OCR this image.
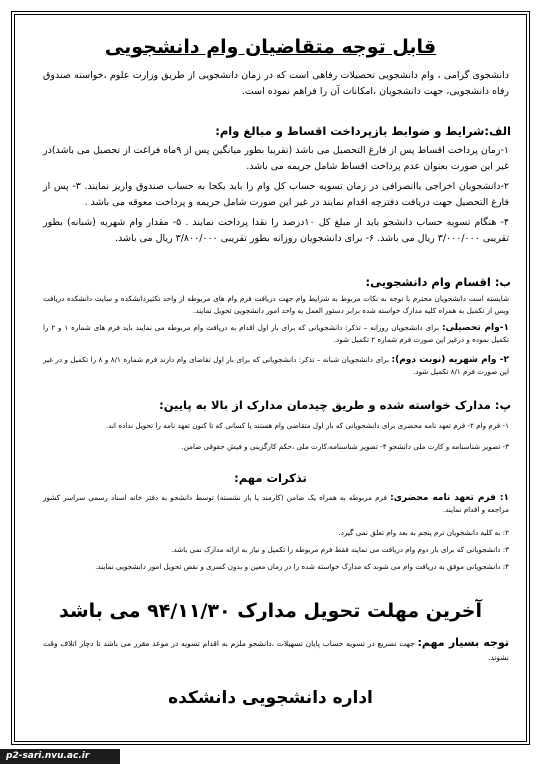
قابل توجه متقاضیان وام دانشجویی
دانشجوی گرامی ، وام دانشجویی تحصیلات رفاهی است که در زمان دانشجویی از طریق وزارت علوم ،خواسته صندوق رفاه دانشجویی، جهت دانشجویان ،امکانات آن را فراهم نموده است.
الف:شرایط و ضوابط بازپرداخت اقساط و مبالغ وام:
۱-زمان پرداخت اقساط پس از فارغ التحصیل می باشد (تقریبا بطور میانگین پس از ۹ماه فراغت از تحصیل می باشد)در غیر این صورت بعنوان عدم پرداخت اقساط شامل جریمه می باشد.
۲-دانشجویان اخراجی یاانصرافی در زمان تسویه حساب کل وام را باید یکجا به حساب صندوق واریز نمایند. ۳- پس از فارغ التحصیل جهت دریافت دفترچه اقدام نمایند در غیر این صورت شامل جریمه و پرداخت معوقه می باشد .
۴- هنگام تسویه حساب دانشجو باید از مبلغ کل ۱۰درصد را نقدا پرداخت نمایند . ۵- مقدار وام شهریه (شبانه) بطور تقریبی ۳/۰۰۰/۰۰۰ ریال می باشد. ۶- برای دانشجویان روزانه بطور تقریبی ۳/۸۰۰/۰۰۰ ریال می باشد.
ب: اقسام وام دانشجویی:
شایسته است دانشجویان محترم با توجه به نکات مربوط به شرایط وام جهت دریافت فرم وام های مربوطه از واحد تکثیردانشکده و سایت دانشکده دریافت ویس از تکمیل به همراه کلیه مدارک خواسته شده برابر دستور العمل به واحد امور دانشجویی تحویل نمایند.
۱-وام تحصیلی: برای دانشجویان روزانه – تذکر: دانشجویانی که برای بار اول اقدام به دریافت وام مربوطه می نمایند باید فرم های شماره ۱ و ۲ را تکمیل نموده و درغیر این صورت فرم شماره ۲ تکمیل شود.
۲- وام شهریه (نوبت دوم): برای دانشجویان شبانه – تذکر: دانشجویانی که برای بار اول تقاضای وام دارند فرم شماره ۸/۱ و ۸ را تکمیل و در غیر این صورت فرم ۸/۱ تکمیل شود.
پ: مدارک خواسته شده و طریق چیدمان مدارک از بالا به پایین:
۱- فرم وام ۲- فرم تعهد نامه محضری برای دانشجویانی که بار اول متقاضی وام هستند یا کسانی که تا کنون تعهد نامه را تحویل نداده اند.
۳- تصویر شناسنامه و کارت ملی دانشجو ۴- تصویر شناسنامه،کارت ملی ،حکم کارگزینی و فیش حقوقی ضامن.
تذکرات مهم:
۱: فرم تعهد نامه محضری: فرم مربوطه به همراه یک ضامن (کارمند یا باز نشسته) توسط دانشجو به دفتر خانه اسناد رسمی سراسر کشور مراجعه و اقدام نمایند.
۲: به کلیه دانشجویان ترم پنجم به بعد وام تعلق نمی گیرد.
۳: دانشجویانی که برای بار دوم وام دریافت می نمایند فقط فرم مربوطه را تکمیل و نیاز به ارائه مدارک نمی باشد.
۴: دانشجویانی موفق به دریافت وام می شوند که مدارک خواسته شده را در زمان معین و بدون کسری و نقص تحویل امور دانشجویی نمایند.
آخرین مهلت تحویل مدارک ۹۴/۱۱/۳۰ می باشد
توجه بسیار مهم: جهت تسریع در تسویه حساب پایان تسهیلات ،دانشجو ملزم به اقدام تسویه در موعد مقرر می باشد تا دچار اتلاف وقت نشوند.
اداره دانشجویی دانشکده
p2-sari.nvu.ac.ir
